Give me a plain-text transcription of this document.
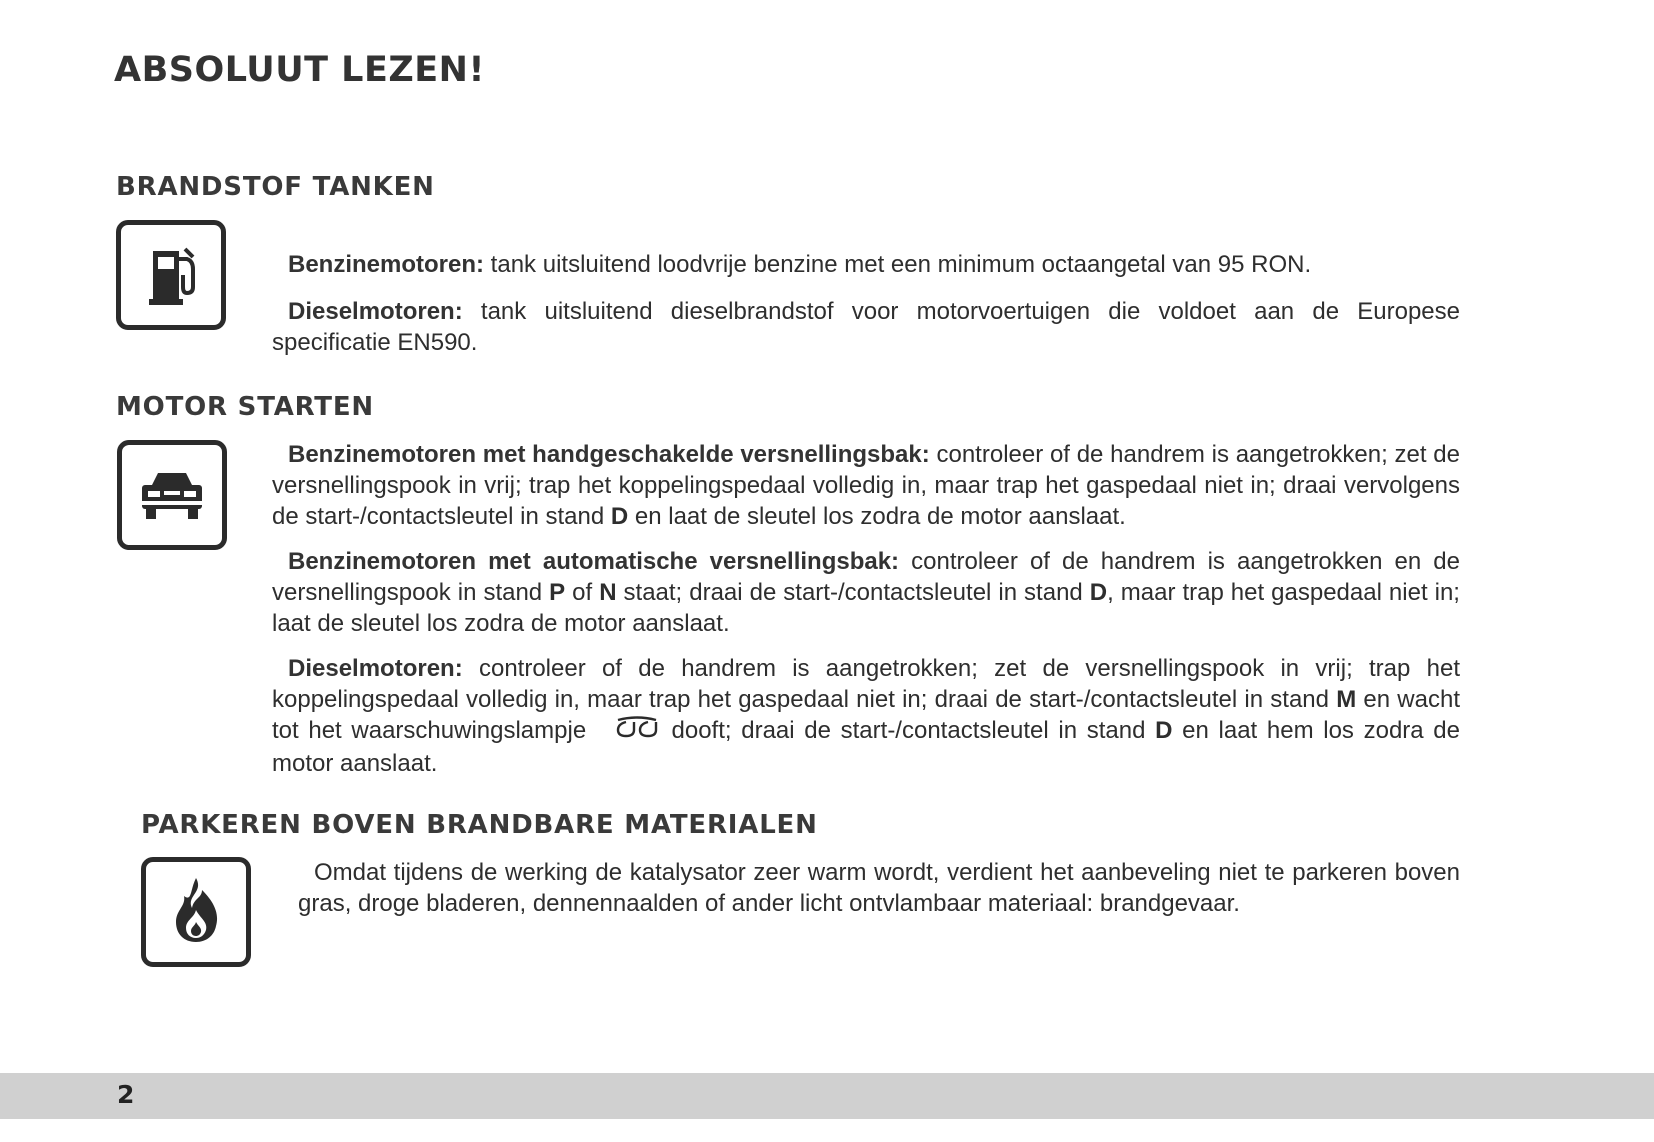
ABSOLUUT LEZEN!
BRANDSTOF TANKEN

Benzinemotoren: tank uitsluitend loodvrije benzine met een minimum octaangetal van 95 RON.

Dieselmotoren: tank uitsluitend dieselbrandstof voor motorvoertuigen die voldoet aan de Europese specificatie EN590.

MOTOR STARTEN

Benzinemotoren met handgeschakelde versnellingsbak: controleer of de handrem is aangetrokken; zet de versnellingspook in vrij; trap het koppelingspedaal volledig in, maar trap het gaspedaal niet in; draai vervolgens de start-/contactsleutel in stand D en laat de sleutel los zodra de motor aanslaat.

Benzinemotoren met automatische versnellingsbak: controleer of de handrem is aangetrokken en de versnellingspook in stand P of N staat; draai de start-/contactsleutel in stand D, maar trap het gaspedaal niet in; laat de sleutel los zodra de motor aanslaat.

Dieselmotoren: controleer of de handrem is aangetrokken; zet de versnellingspook in vrij; trap het koppelingspedaal volledig in, maar trap het gaspedaal niet in; draai de start-/contactsleutel in stand M en wacht tot het waarschuwingslampje	dooft; draai de start-/contactsleutel in stand D en laat hem los zodra de motor aanslaat.

PARKEREN BOVEN BRANDBARE MATERIALEN

Omdat tijdens de werking de katalysator zeer warm wordt, verdient het aanbeveling niet te parkeren boven gras, droge bladeren, dennennaalden of ander licht ontvlambaar materiaal: brandgevaar.

2
